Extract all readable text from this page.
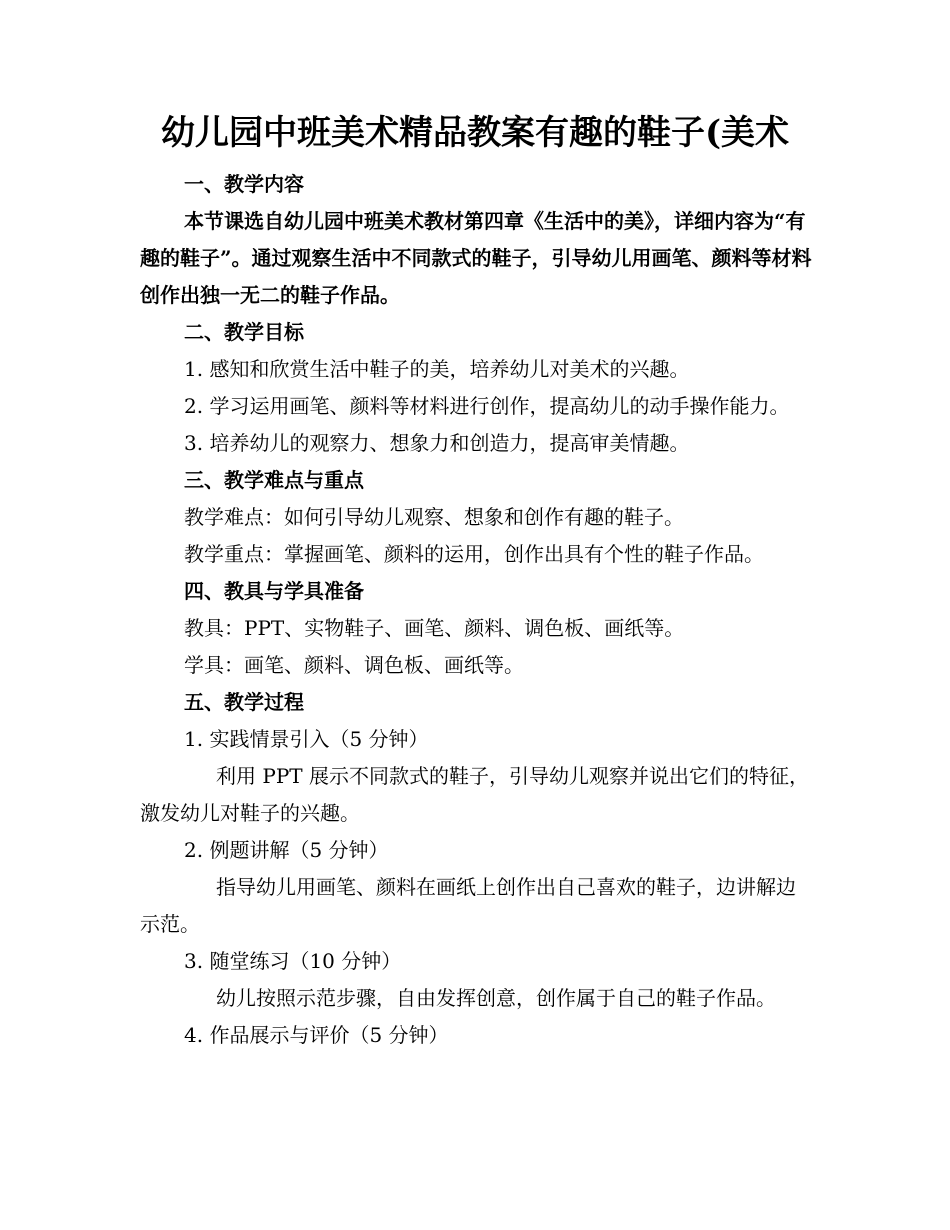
幼儿园中班美术精品教案有趣的鞋子(美术

一、教学内容

本节课选自幼儿园中班美术教材第四章《生活中的美》，详细内容为“有趣的鞋子”。通过观察生活中不同款式的鞋子，引导幼儿用画笔、颜料等材料创作出独一无二的鞋子作品。

二、教学目标

1. 感知和欣赏生活中鞋子的美，培养幼儿对美术的兴趣。

2. 学习运用画笔、颜料等材料进行创作，提高幼儿的动手操作能力。

3. 培养幼儿的观察力、想象力和创造力，提高审美情趣。

三、教学难点与重点

教学难点：如何引导幼儿观察、想象和创作有趣的鞋子。

教学重点：掌握画笔、颜料的运用，创作出具有个性的鞋子作品。

四、教具与学具准备

教具：PPT、实物鞋子、画笔、颜料、调色板、画纸等。

学具：画笔、颜料、调色板、画纸等。

五、教学过程

1. 实践情景引入（5 分钟）

利用 PPT 展示不同款式的鞋子，引导幼儿观察并说出它们的特征，激发幼儿对鞋子的兴趣。

2. 例题讲解（5 分钟）

指导幼儿用画笔、颜料在画纸上创作出自己喜欢的鞋子，边讲解边示范。

3. 随堂练习（10 分钟）

幼儿按照示范步骤，自由发挥创意，创作属于自己的鞋子作品。

4. 作品展示与评价（5 分钟）
